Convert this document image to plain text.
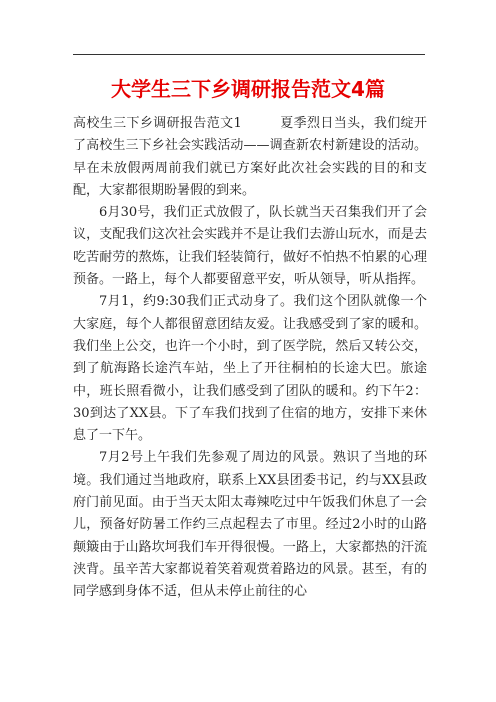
大学生三下乡调研报告范文4篇

高校生三下乡调研报告范文1	夏季烈日当头，我们绽开了高校生三下乡社会实践活动——调查新农村新建设的活动。早在未放假两周前我们就已方案好此次社会实践的目的和支配，大家都很期盼暑假的到来。

6月30号，我们正式放假了，队长就当天召集我们开了会议，支配我们这次社会实践并不是让我们去游山玩水，而是去吃苦耐劳的熬炼，让我们轻装简行，做好不怕热不怕累的心理预备。一路上，每个人都要留意平安，听从领导，听从指挥。

7月1，约9:30我们正式动身了。我们这个团队就像一个大家庭，每个人都很留意团结友爱。让我感受到了家的暖和。我们坐上公交，也许一个小时，到了医学院，然后又转公交，到了航海路长途汽车站，坐上了开往桐柏的长途大巴。旅途中，班长照看微小，让我们感受到了团队的暖和。约下午2：30到达了XX县。下了车我们找到了住宿的地方，安排下来休息了一下午。

7月2号上午我们先参观了周边的风景。熟识了当地的环境。我们通过当地政府，联系上XX县团委书记，约与XX县政府门前见面。由于当天太阳太毒辣吃过中午饭我们休息了一会儿，预备好防暑工作约三点起程去了市里。经过2小时的山路颠簸由于山路坎坷我们车开得很慢。一路上，大家都热的汗流浃背。虽辛苦大家都说着笑着观赏着路边的风景。甚至，有的同学感到身体不适，但从未停止前往的心
